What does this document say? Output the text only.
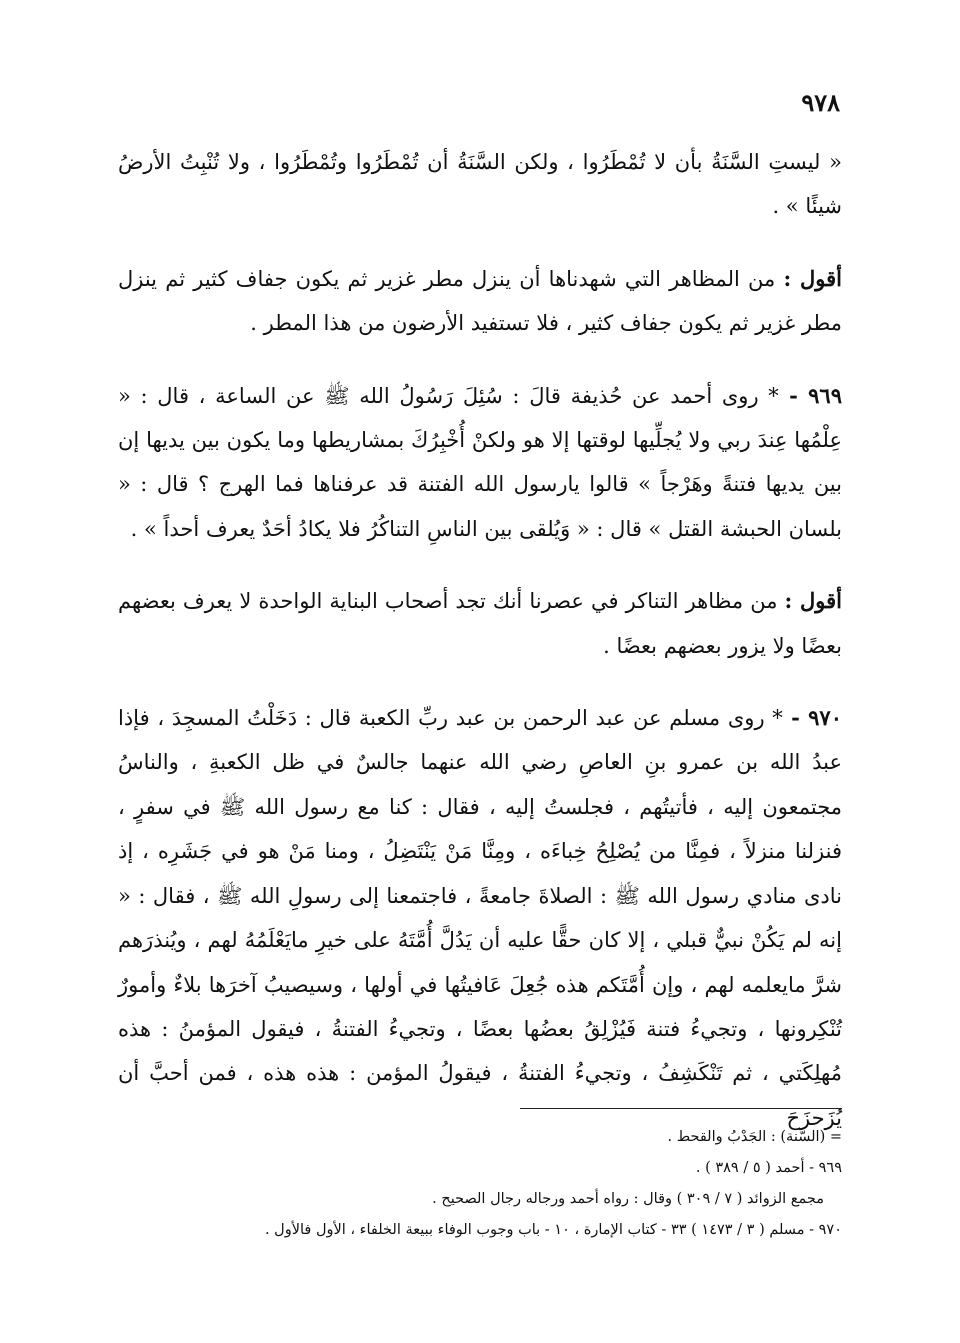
٩٧٨

« ليستِ السَّنَةُ بأن لا تُمْطَرُوا ، ولكن السَّنَةُ أن تُمْطَرُوا وتُمْطَرُوا ، ولا تُنْبِتُ الأرضُ شيئًا » .

أقول : من المظاهر التي شهدناها أن ينزل مطر غزير ثم يكون جفاف كثير ثم ينزل مطر غزير ثم يكون جفاف كثير ، فلا تستفيد الأرضون من هذا المطر .

٩٦٩ - * روى أحمد عن حُذيفة قالَ : سُئِلَ رَسُولُ الله ﷺ عن الساعة ، قال : « عِلْمُها عِندَ ربي ولا يُجلِّيها لوقتها إلا هو ولكنْ أُخْبِرُكَ بمشاريطها وما يكون بين يديها إن بين يديها فتنةً وهَرْجاً » قالوا يارسول الله الفتنة قد عرفناها فما الهرج ؟ قال : « بلسان الحبشة القتل » قال : « وَيُلقى بين الناسِ التناكُرُ فلا يكادُ أحَدٌ يعرف أحداً » .

أقول : من مظاهر التناكر في عصرنا أنك تجد أصحاب البناية الواحدة لا يعرف بعضهم بعضًا ولا يزور بعضهم بعضًا .

٩٧٠ - * روى مسلم عن عبد الرحمن بن عبد ربِّ الكعبة قال : دَخَلْتُ المسجِدَ ، فإذا عبدُ الله بن عمرو بنِ العاصِ رضي الله عنهما جالسٌ في ظل الكعبةِ ، والناسُ مجتمعون إليه ، فأتيتُهم ، فجلستُ إليه ، فقال : كنا مع رسول الله ﷺ في سفرٍ ، فنزلنا منزلاً ، فمِنَّا من يُصْلِحُ خِباءَه ، ومِنَّا مَنْ يَنْتَضِلُ ، ومنا مَنْ هو في جَشَرِه ، إذ نادى منادي رسول الله ﷺ : الصلاةَ جامعةً ، فاجتمعنا إلى رسولِ الله ﷺ ، فقال : « إنه لم يَكُنْ نبيٌّ قبلي ، إلا كان حقًّا عليه أن يَدُلَّ أُمَّتَهُ على خيرِ مايَعْلَمُهُ لهم ، ويُنذرَهم شرَّ مايعلمه لهم ، وإن أُمَّتَكم هذه جُعِلَ عَافيتُها في أولها ، وسيصيبُ آخرَها بلاءٌ وأمورٌ تُنْكِرونها ، وتجيءُ فتنة فَيُزْلِقُ بعضُها بعضًا ، وتجيءُ الفتنةُ ، فيقول المؤمنُ : هذه مُهلِكَتي ، ثم تَنْكَشِفُ ، وتجيءُ الفتنةُ ، فيقولُ المؤمن : هذه هذه ، فمن أحبَّ أن يُزَحزَحَ

= (السَّنة) : الجَدْبُ والقحط .
٩٦٩ - أحمد ( ٥ / ٣٨٩ ) .
مجمع الزوائد ( ٧ / ٣٠٩ ) وقال : رواه أحمد ورجاله رجال الصحيح .
٩٧٠ - مسلم ( ٣ / ١٤٧٣ ) ٣٣ - كتاب الإمارة ، ١٠ - باب وجوب الوفاء ببيعة الخلفاء ، الأول فالأول .
